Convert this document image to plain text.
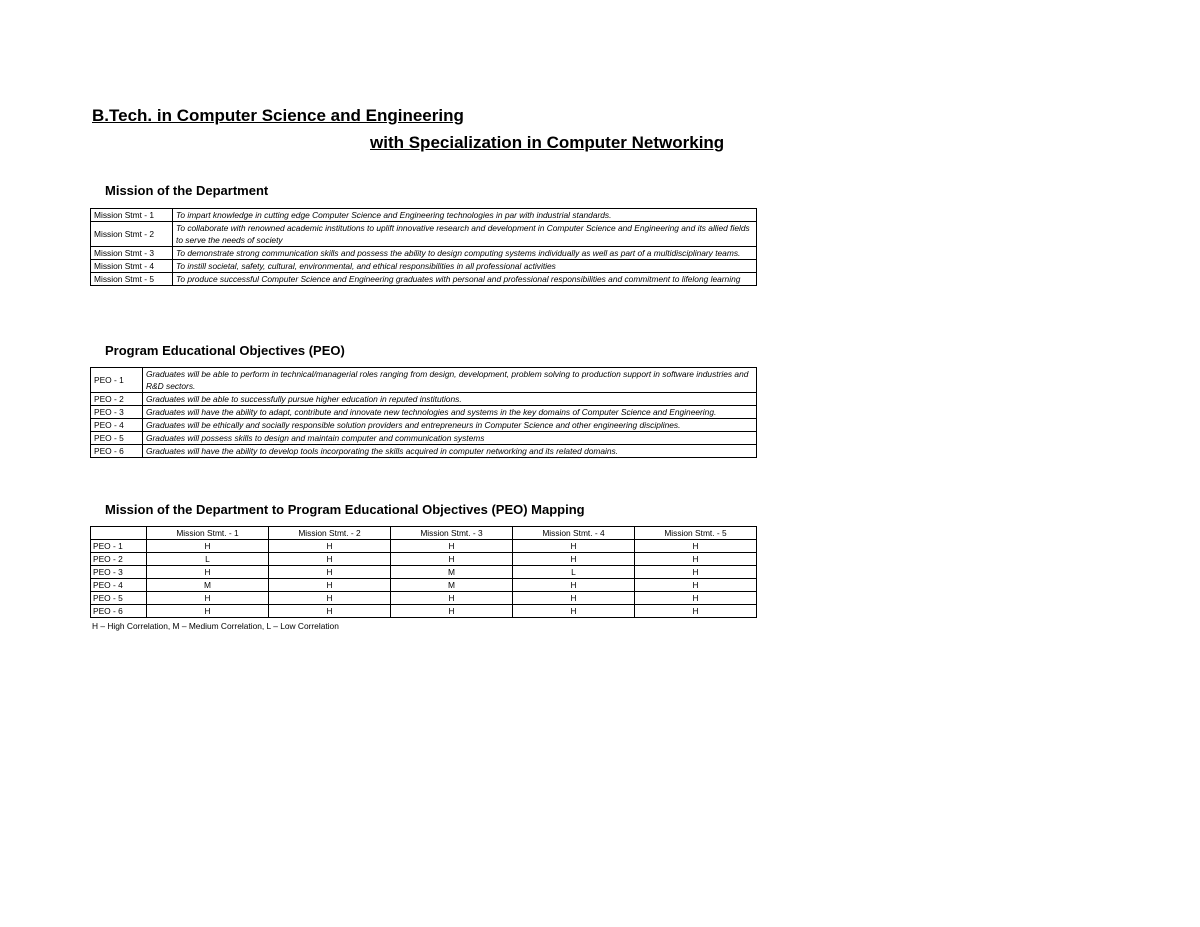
B.Tech. in Computer Science and Engineering
with Specialization in Computer Networking
Mission of the Department
Mission Stmt - 1	To impart knowledge in cutting edge Computer Science and Engineering technologies in par with industrial standards.
Mission Stmt - 2	To collaborate with renowned academic institutions to uplift innovative research and development in Computer Science and Engineering and its allied fields to serve the needs of society
Mission Stmt - 3	To demonstrate strong communication skills and possess the ability to design computing systems individually as well as part of a multidisciplinary teams.
Mission Stmt - 4	To instill societal, safety, cultural, environmental, and ethical responsibilities in all professional activities
Mission Stmt - 5	To produce successful Computer Science and Engineering graduates with personal and professional responsibilities and commitment to lifelong learning
Program Educational Objectives (PEO)
PEO - 1	Graduates will be able to perform in technical/managerial roles ranging from design, development, problem solving to production support in software industries and R&D sectors.
PEO - 2	Graduates will be able to successfully pursue higher education in reputed institutions.
PEO - 3	Graduates will have the ability to adapt, contribute and innovate new technologies and systems in the key domains of Computer Science and Engineering.
PEO - 4	Graduates will be ethically and socially responsible solution providers and entrepreneurs in Computer Science and other engineering disciplines.
PEO - 5	Graduates will possess skills to design and maintain computer and communication systems
PEO - 6	Graduates will have the ability to develop tools incorporating the skills acquired in computer networking and its related domains.
Mission of the Department to Program Educational Objectives (PEO) Mapping
	Mission Stmt. - 1	Mission Stmt. - 2	Mission Stmt. - 3	Mission Stmt. - 4	Mission Stmt. - 5
PEO - 1	H	H	H	H	H
PEO - 2	L	H	H	H	H
PEO - 3	H	H	M	L	H
PEO - 4	M	H	M	H	H
PEO - 5	H	H	H	H	H
PEO - 6	H	H	H	H	H

H – High Correlation, M – Medium Correlation, L – Low Correlation
